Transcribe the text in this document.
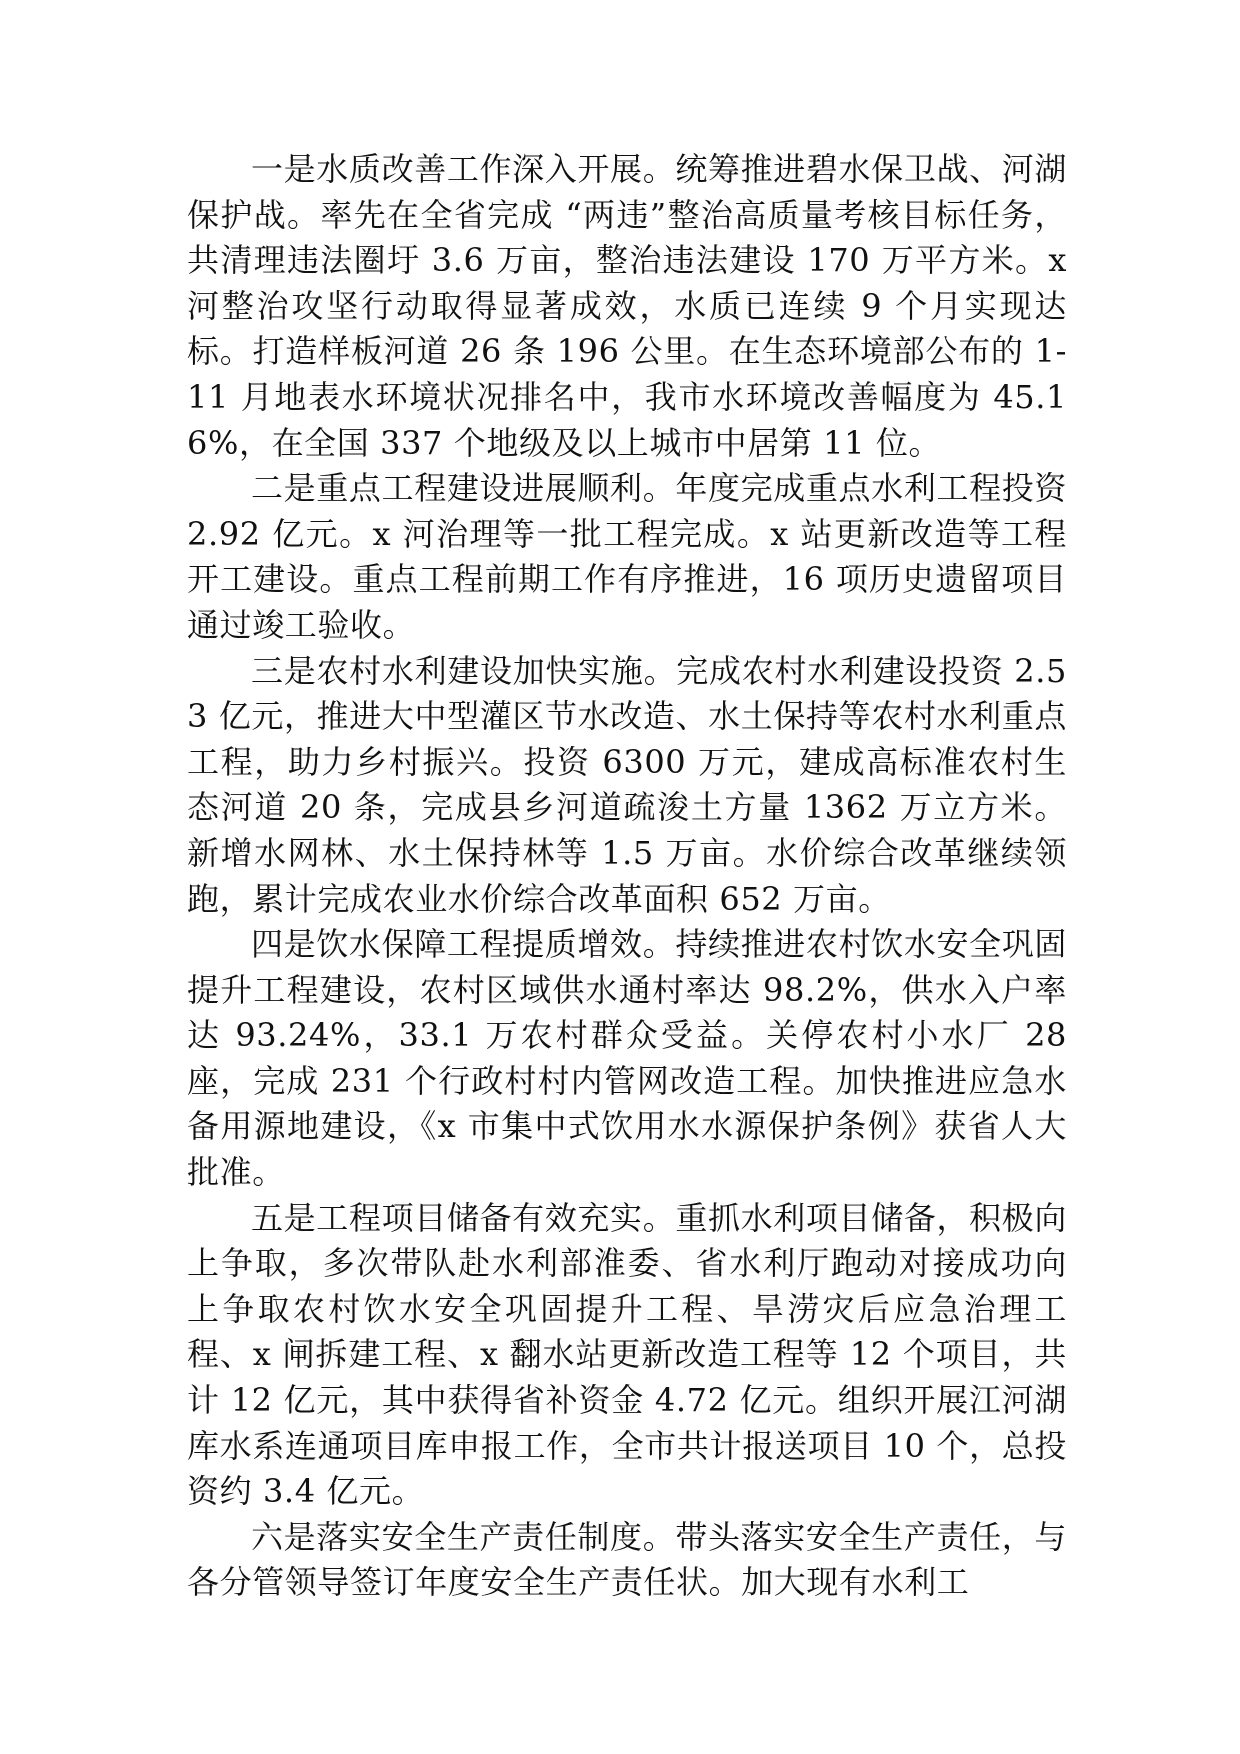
一是水质改善工作深入开展。统筹推进碧水保卫战、河湖保护战。率先在全省完成 “两违”整治高质量考核目标任务，共清理违法圈圩 3.6 万亩，整治违法建设 170 万平方米。x 河整治攻坚行动取得显著成效，水质已连续 9 个月实现达标。打造样板河道 26 条 196 公里。在生态环境部公布的 1-11 月地表水环境状况排名中，我市水环境改善幅度为 45.16%，在全国 337 个地级及以上城市中居第 11 位。

二是重点工程建设进展顺利。年度完成重点水利工程投资 2.92 亿元。x 河治理等一批工程完成。x 站更新改造等工程开工建设。重点工程前期工作有序推进，16 项历史遗留项目通过竣工验收。

三是农村水利建设加快实施。完成农村水利建设投资 2.53 亿元，推进大中型灌区节水改造、水土保持等农村水利重点工程，助力乡村振兴。投资 6300 万元，建成高标准农村生态河道 20 条，完成县乡河道疏浚土方量 1362 万立方米。新增水网林、水土保持林等 1.5 万亩。水价综合改革继续领跑，累计完成农业水价综合改革面积 652 万亩。

四是饮水保障工程提质增效。持续推进农村饮水安全巩固提升工程建设，农村区域供水通村率达 98.2%，供水入户率达 93.24%，33.1 万农村群众受益。关停农村小水厂 28 座，完成 231 个行政村村内管网改造工程。加快推进应急水备用源地建设，《x 市集中式饮用水水源保护条例》获省人大批准。

五是工程项目储备有效充实。重抓水利项目储备，积极向上争取，多次带队赴水利部淮委、省水利厅跑动对接成功向上争取农村饮水安全巩固提升工程、旱涝灾后应急治理工程、x 闸拆建工程、x 翻水站更新改造工程等 12 个项目，共计 12 亿元，其中获得省补资金 4.72 亿元。组织开展江河湖库水系连通项目库申报工作，全市共计报送项目 10 个，总投资约 3.4 亿元。

六是落实安全生产责任制度。带头落实安全生产责任，与各分管领导签订年度安全生产责任状。加大现有水利工
